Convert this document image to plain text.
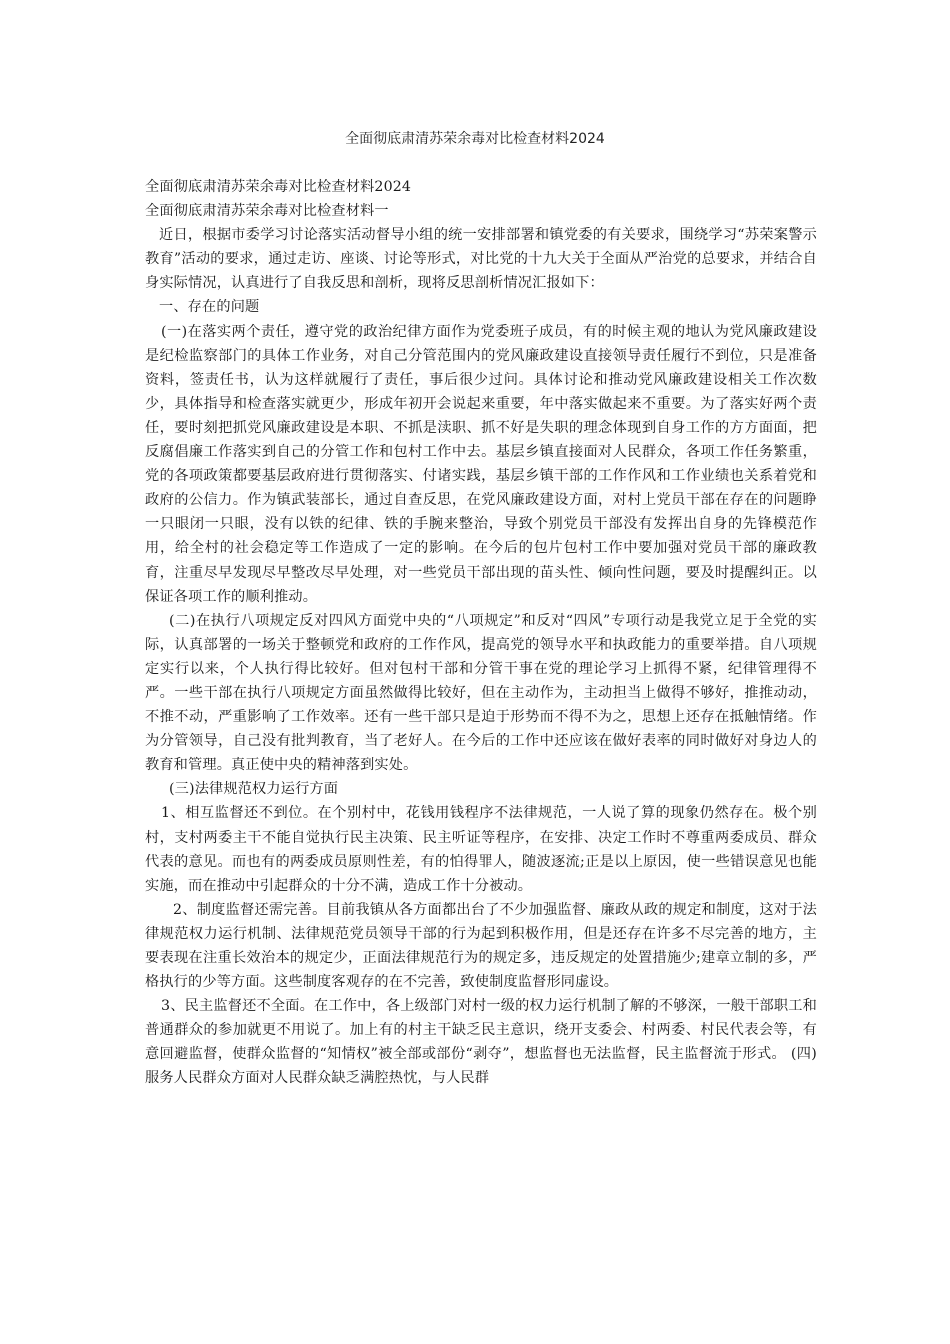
全面彻底肃清苏荣余毒对比检查材料2024

全面彻底肃清苏荣余毒对比检查材料2024

全面彻底肃清苏荣余毒对比检查材料一

近日，根据市委学习讨论落实活动督导小组的统一安排部署和镇党委的有关要求，围绕学习“苏荣案警示教育”活动的要求，通过走访、座谈、讨论等形式，对比党的十九大关于全面从严治党的总要求，并结合自身实际情况，认真进行了自我反思和剖析，现将反思剖析情况汇报如下：

一、存在的问题

(一)在落实两个责任，遵守党的政治纪律方面作为党委班子成员，有的时候主观的地认为党风廉政建设是纪检监察部门的具体工作业务，对自己分管范围内的党风廉政建设直接领导责任履行不到位，只是准备资料，签责任书，认为这样就履行了责任，事后很少过问。具体讨论和推动党风廉政建设相关工作次数少，具体指导和检查落实就更少，形成年初开会说起来重要，年中落实做起来不重要。为了落实好两个责任，要时刻把抓党风廉政建设是本职、不抓是渎职、抓不好是失职的理念体现到自身工作的方方面面，把反腐倡廉工作落实到自己的分管工作和包村工作中去。基层乡镇直接面对人民群众，各项工作任务繁重，党的各项政策都要基层政府进行贯彻落实、付诸实践，基层乡镇干部的工作作风和工作业绩也关系着党和政府的公信力。作为镇武装部长，通过自查反思，在党风廉政建设方面，对村上党员干部在存在的问题睁一只眼闭一只眼，没有以铁的纪律、铁的手腕来整治，导致个别党员干部没有发挥出自身的先锋模范作用，给全村的社会稳定等工作造成了一定的影响。在今后的包片包村工作中要加强对党员干部的廉政教育，注重尽早发现尽早整改尽早处理，对一些党员干部出现的苗头性、倾向性问题，要及时提醒纠正。以保证各项工作的顺利推动。

(二)在执行八项规定反对四风方面党中央的“八项规定”和反对“四风”专项行动是我党立足于全党的实际，认真部署的一场关于整顿党和政府的工作作风，提高党的领导水平和执政能力的重要举措。自八项规定实行以来，个人执行得比较好。但对包村干部和分管干事在党的理论学习上抓得不紧，纪律管理得不严。一些干部在执行八项规定方面虽然做得比较好，但在主动作为，主动担当上做得不够好，推推动动，不推不动，严重影响了工作效率。还有一些干部只是迫于形势而不得不为之，思想上还存在抵触情绪。作为分管领导，自己没有批判教育，当了老好人。在今后的工作中还应该在做好表率的同时做好对身边人的教育和管理。真正使中央的精神落到实处。

(三)法律规范权力运行方面

1、相互监督还不到位。在个别村中，花钱用钱程序不法律规范，一人说了算的现象仍然存在。极个别村，支村两委主干不能自觉执行民主决策、民主听证等程序，在安排、决定工作时不尊重两委成员、群众代表的意见。而也有的两委成员原则性差，有的怕得罪人，随波逐流;正是以上原因，使一些错误意见也能实施，而在推动中引起群众的十分不满，造成工作十分被动。

2、制度监督还需完善。目前我镇从各方面都出台了不少加强监督、廉政从政的规定和制度，这对于法律规范权力运行机制、法律规范党员领导干部的行为起到积极作用，但是还存在许多不尽完善的地方，主要表现在注重长效治本的规定少，正面法律规范行为的规定多，违反规定的处置措施少;建章立制的多，严格执行的少等方面。这些制度客观存的在不完善，致使制度监督形同虚设。

3、民主监督还不全面。在工作中，各上级部门对村一级的权力运行机制了解的不够深，一般干部职工和普通群众的参加就更不用说了。加上有的村主干缺乏民主意识，绕开支委会、村两委、村民代表会等，有意回避监督，使群众监督的“知情权”被全部或部份“剥夺”，想监督也无法监督，民主监督流于形式。 (四)服务人民群众方面对人民群众缺乏满腔热忱，与人民群
